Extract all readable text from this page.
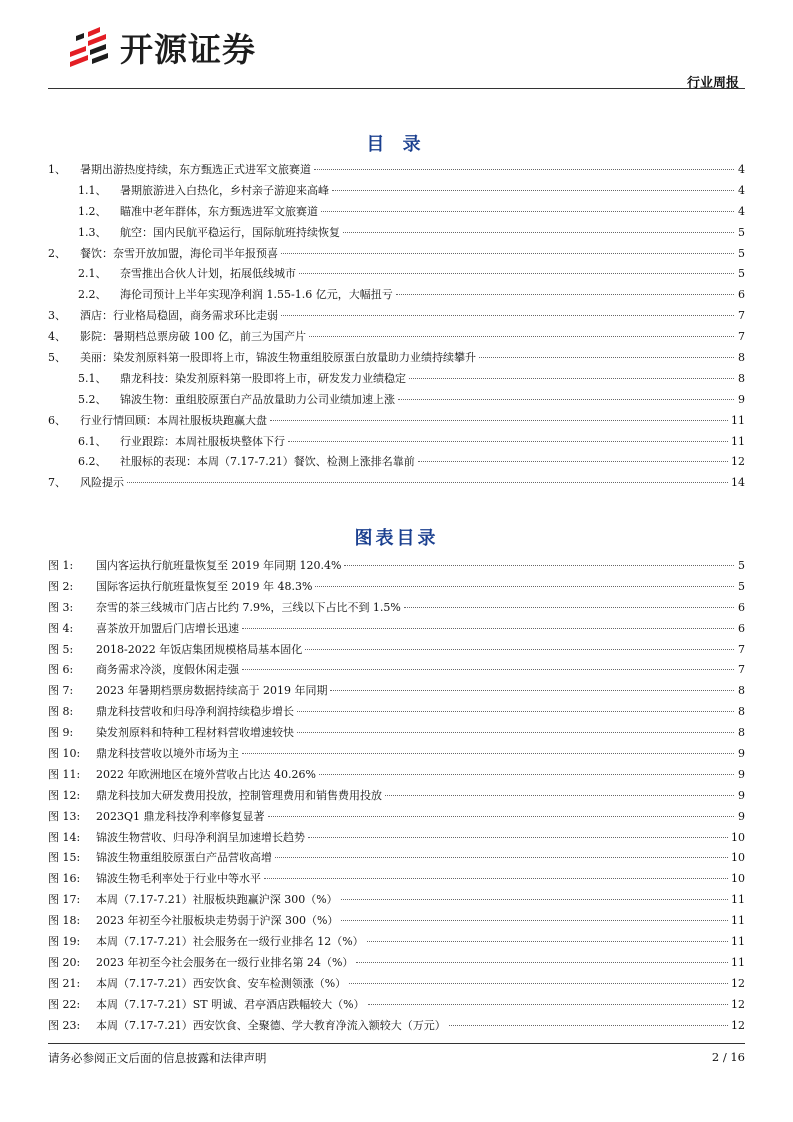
开源证券
行业周报
目 录
1、	暑期出游热度持续，东方甄选正式进军文旅赛道	4
1.1、	暑期旅游进入白热化，乡村亲子游迎来高峰	4
1.2、	瞄准中老年群体，东方甄选进军文旅赛道	4
1.3、	航空：国内民航平稳运行，国际航班持续恢复	5
2、	餐饮：奈雪开放加盟，海伦司半年报预喜	5
2.1、	奈雪推出合伙人计划，拓展低线城市	5
2.2、	海伦司预计上半年实现净利润 1.55-1.6 亿元，大幅扭亏	6
3、	酒店：行业格局稳固，商务需求环比走弱	7
4、	影院：暑期档总票房破 100 亿，前三为国产片	7
5、	美丽：染发剂原料第一股即将上市，锦波生物重组胶原蛋白放量助力业绩持续攀升	8
5.1、	鼎龙科技：染发剂原料第一股即将上市，研发发力业绩稳定	8
5.2、	锦波生物：重组胶原蛋白产品放量助力公司业绩加速上涨	9
6、	行业行情回顾：本周社服板块跑赢大盘	11
6.1、	行业跟踪：本周社服板块整体下行	11
6.2、	社服标的表现：本周（7.17-7.21）餐饮、检测上涨排名靠前	12
7、	风险提示	14
图表目录
图 1:	国内客运执行航班量恢复至 2019 年同期 120.4%	5
图 2:	国际客运执行航班量恢复至 2019 年 48.3%	5
图 3:	奈雪的茶三线城市门店占比约 7.9%，三线以下占比不到 1.5%	6
图 4:	喜茶放开加盟后门店增长迅速	6
图 5:	2018-2022 年饭店集团规模格局基本固化	7
图 6:	商务需求冷淡，度假休闲走强	7
图 7:	2023 年暑期档票房数据持续高于 2019 年同期	8
图 8:	鼎龙科技营收和归母净利润持续稳步增长	8
图 9:	染发剂原料和特种工程材料营收增速较快	8
图 10:	鼎龙科技营收以境外市场为主	9
图 11:	2022 年欧洲地区在境外营收占比达 40.26%	9
图 12:	鼎龙科技加大研发费用投放，控制管理费用和销售费用投放	9
图 13:	2023Q1 鼎龙科技净利率修复显著	9
图 14:	锦波生物营收、归母净利润呈加速增长趋势	10
图 15:	锦波生物重组胶原蛋白产品营收高增	10
图 16:	锦波生物毛利率处于行业中等水平	10
图 17:	本周（7.17-7.21）社服板块跑赢沪深 300（%）	11
图 18:	2023 年初至今社服板块走势弱于沪深 300（%）	11
图 19:	本周（7.17-7.21）社会服务在一级行业排名 12（%）	11
图 20:	2023 年初至今社会服务在一级行业排名第 24（%）	11
图 21:	本周（7.17-7.21）西安饮食、安车检测领涨（%）	12
图 22:	本周（7.17-7.21）ST 明诚、君亭酒店跌幅较大（%）	12
图 23:	本周（7.17-7.21）西安饮食、全聚德、学大教育净流入额较大（万元）	12
请务必参阅正文后面的信息披露和法律声明	2 / 16
